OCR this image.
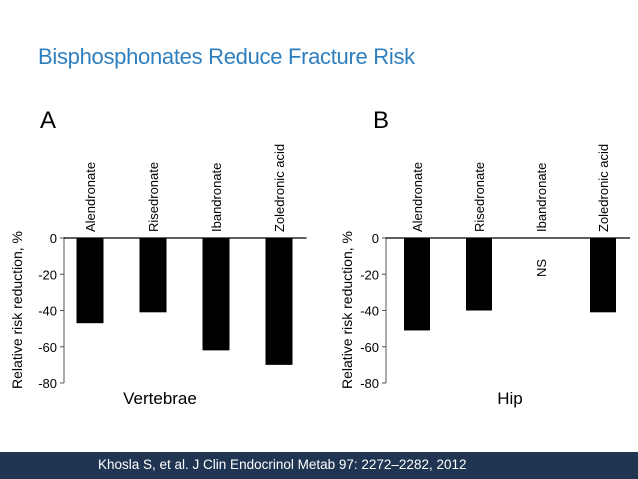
Bisphosphonates Reduce Fracture Risk
A
0
-20
-40
-60
-80
Relative risk reduction, %
Vertebrae
Alendronate	Risedronate	Ibandronate	Zoledronic acid
B
0
-20
-40
-60
-80
Relative risk reduction, %
Hip
Alendronate	Risedronate	Ibandronate	Zoledronic acid
NS
Khosla S, et al. J Clin Endocrinol Metab 97: 2272–2282, 2012
